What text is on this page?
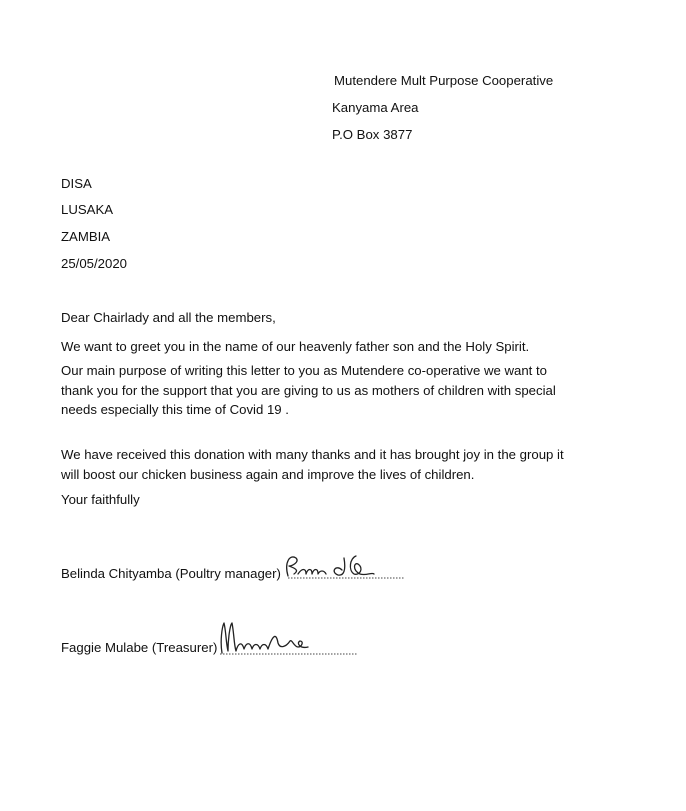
Mutendere Mult Purpose Cooperative
Kanyama Area
P.O Box 3877
DISA
LUSAKA
ZAMBIA
25/05/2020
Dear Chairlady and all the members,
We want to greet you in the name of our heavenly father son and the Holy Spirit.
Our main purpose of writing this letter to you as Mutendere co-operative we want to thank you for the support that you are giving to us as mothers of children with special needs especially this time of Covid 19 .
We have received this donation with many thanks and it has brought joy in the group it will boost our chicken business again and improve the lives of children.
Your faithfully
Belinda Chityamba (Poultry manager)
Faggie Mulabe (Treasurer)
